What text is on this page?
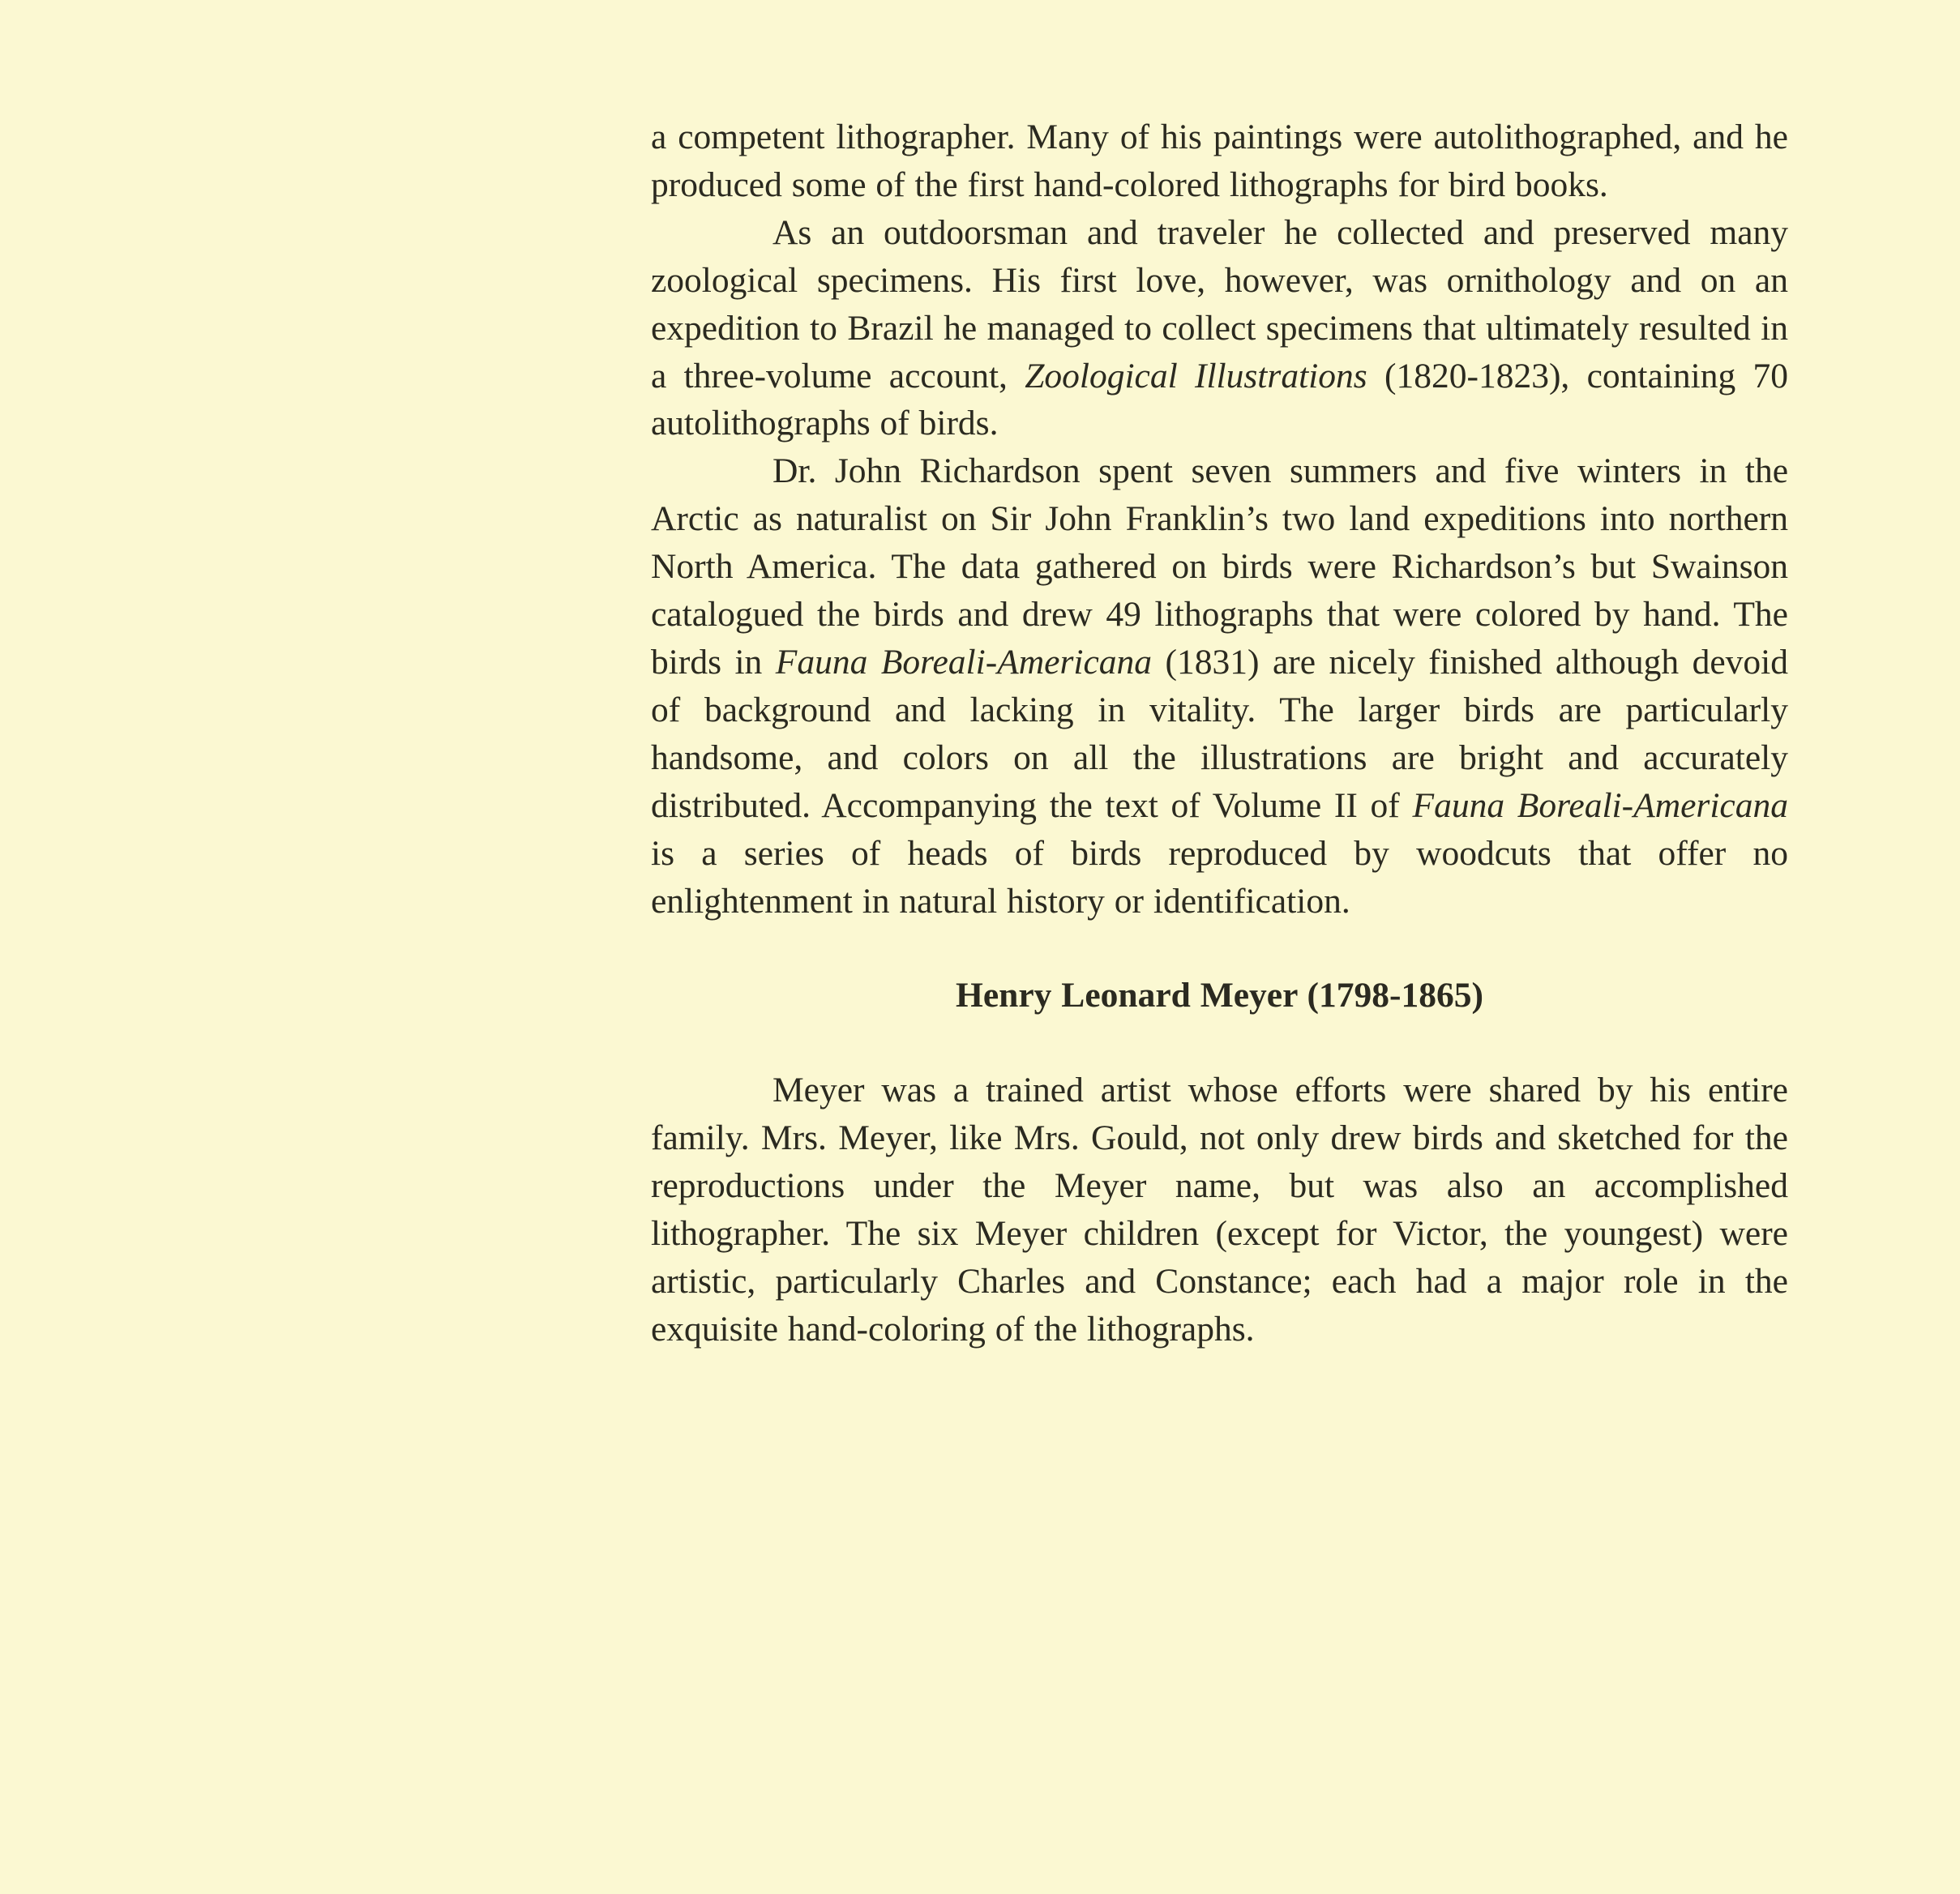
a competent lithographer. Many of his paintings were autolithographed, and he produced some of the first hand-colored lithographs for bird books.

As an outdoorsman and traveler he collected and preserved many zoological specimens. His first love, however, was ornithology and on an expedition to Brazil he managed to collect specimens that ultimately resulted in a three-volume account, Zoological Illustrations (1820-1823), containing 70 autolithographs of birds.

Dr. John Richardson spent seven summers and five winters in the Arctic as naturalist on Sir John Franklin’s two land expeditions into northern North America. The data gathered on birds were Richardson’s but Swainson catalogued the birds and drew 49 lithographs that were colored by hand. The birds in Fauna Boreali-Americana (1831) are nicely finished although devoid of background and lacking in vitality. The larger birds are particularly handsome, and colors on all the illustrations are bright and accurately distributed. Accompanying the text of Volume II of Fauna Boreali-Americana is a series of heads of birds reproduced by woodcuts that offer no enlightenment in natural history or identification.

Henry Leonard Meyer (1798-1865)

Meyer was a trained artist whose efforts were shared by his entire family. Mrs. Meyer, like Mrs. Gould, not only drew birds and sketched for the reproductions under the Meyer name, but was also an accomplished lithographer. The six Meyer children (except for Victor, the youngest) were artistic, particularly Charles and Constance; each had a major role in the exquisite hand-coloring of the lithographs.
